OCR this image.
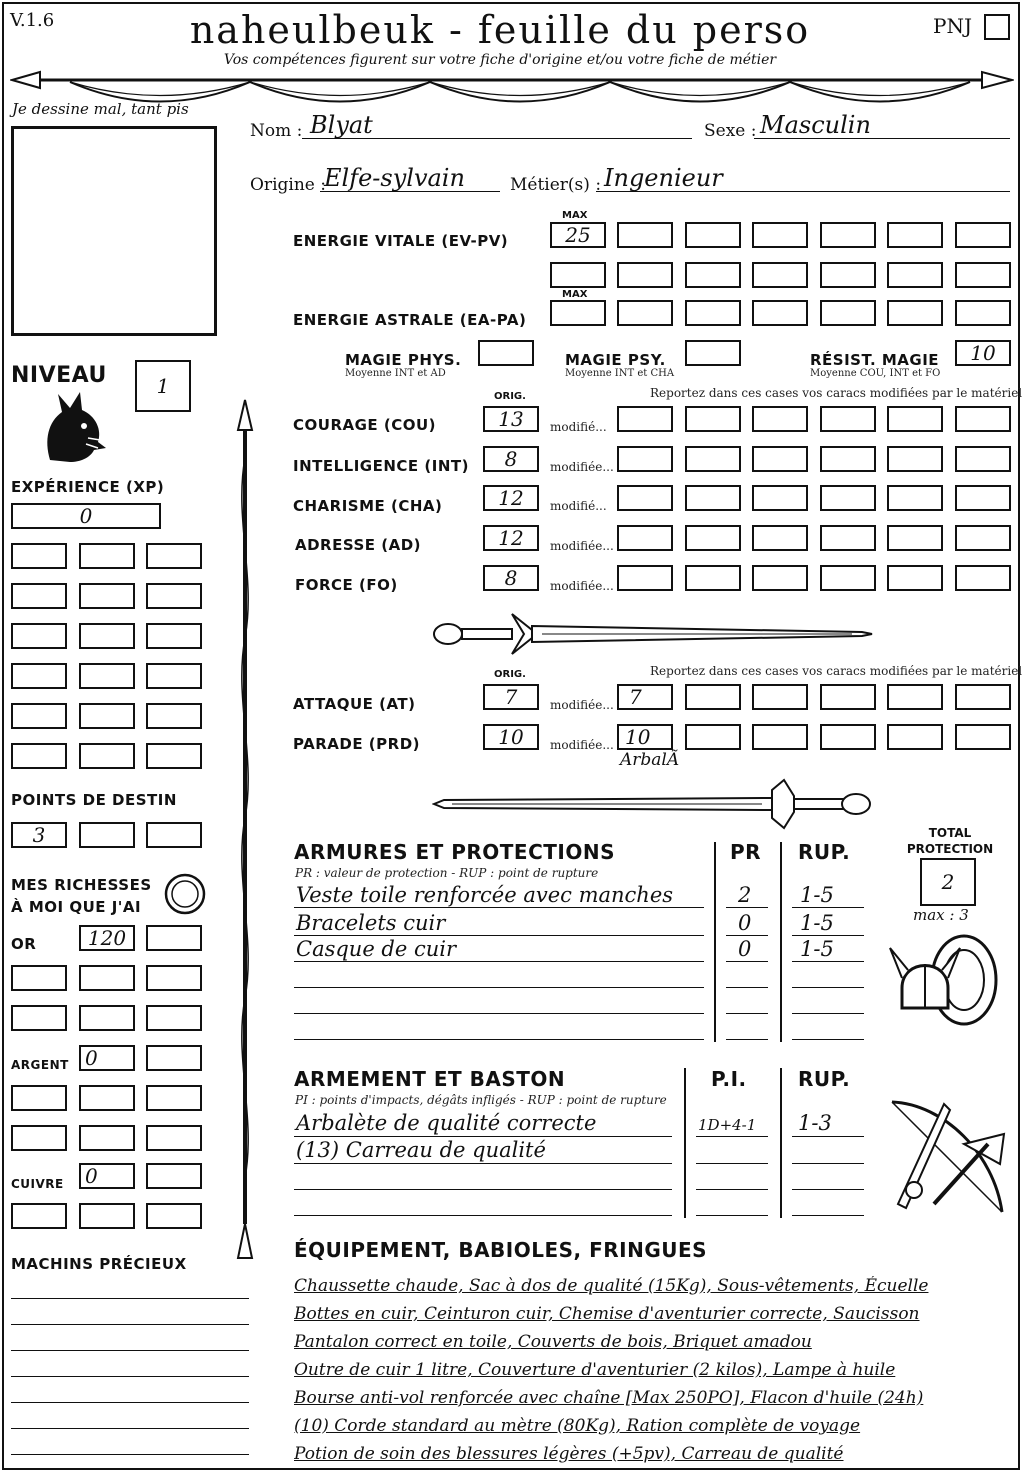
V.1.6	naheulbeuk - feuille du perso
Vos compétences figurent sur votre fiche d'origine et/ou votre fiche de métier
PNJ
Je dessine mal, tant pis
Nom : Blyat	Sexe : Masculin
Origine :
Elfe-sylvain	Métier(s) : Ingenieur
MAX
ENERGIE VITALE (EV-PV)	25
MAX
ENERGIE ASTRALE (EA-PA)
MAGIE PHYS.
Moyenne INT et AD
MAGIE PSY.
Moyenne INT et CHA
RÉSIST. MAGIE
Moyenne COU, INT et FO
10
NIVEAU	1
EXPÉRIENCE (XP)
0
POINTS DE DESTIN
3
MES RICHESSES
À MOI QUE J'AI
OR	120
ARGENT 0
CUIVRE	0
MACHINS PRÉCIEUX
ORIG.	Reportez dans ces cases vos caracs modifiées par le matériel
COURAGE (COU)	13	modifié...
INTELLIGENCE (INT)	8	modifiée...
CHARISME (CHA)	12	modifié...
ADRESSE (AD)	12	modifiée...
FORCE (FO)	8	modifiée...
ORIG.	Reportez dans ces cases vos caracs modifiées par le matériel
ATTAQUE (AT)	7	modifiée... 7
PARADE (PRD)	10	modifiée... 10
ArbalÃ
ARMURES ET PROTECTIONS
PR : valeur de protection - RUP : point de rupture
PR RUP.
Veste toile renforcée avec manches	2 1-5
Bracelets cuir	0 1-5
Casque de cuir	0 1-5
TOTAL
PROTECTION
2
max : 3
ARMEMENT ET BASTON
PI : points d'impacts, dégâts infligés - RUP : point de rupture
P.I.	RUP.
Arbalète de qualité correcte	1D+4-1 1-3
(13) Carreau de qualité
ÉQUIPEMENT, BABIOLES, FRINGUES
Chaussette chaude, Sac à dos de qualité (15Kg), Sous-vêtements, Écuelle
Bottes en cuir, Ceinturon cuir, Chemise d'aventurier correcte, Saucisson
Pantalon correct en toile, Couverts de bois, Briquet amadou
Outre de cuir 1 litre, Couverture d'aventurier (2 kilos), Lampe à huile
Bourse anti-vol renforcée avec chaîne [Max 250PO], Flacon d'huile (24h)
(10) Corde standard au mètre (80Kg), Ration complète de voyage
Potion de soin des blessures légères (+5pv), Carreau de qualité
